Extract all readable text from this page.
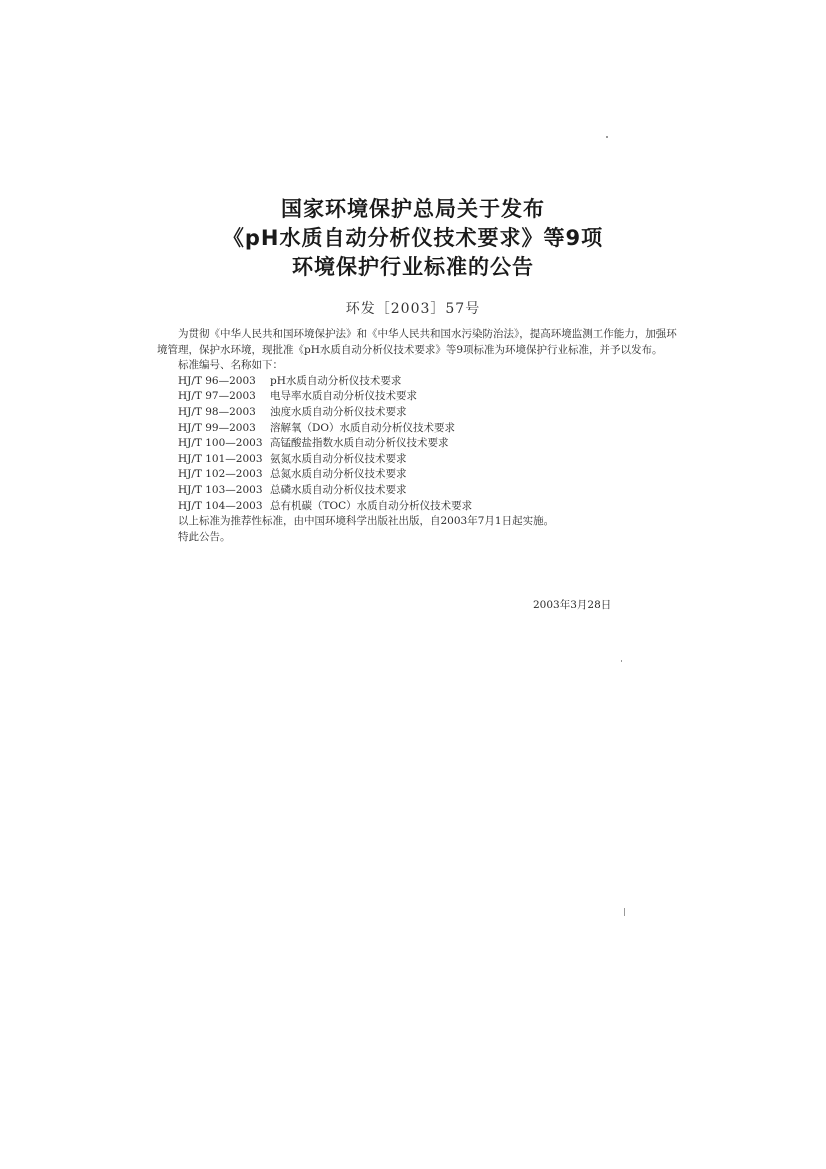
国家环境保护总局关于发布
《pH水质自动分析仪技术要求》等9项
环境保护行业标准的公告
环发［2003］57号

为贯彻《中华人民共和国环境保护法》和《中华人民共和国水污染防治法》，提高环境监测工作能力，加强环境管理，保护水环境，现批准《pH水质自动分析仪技术要求》等9项标准为环境保护行业标准，并予以发布。

标准编号、名称如下：

HJ/T 96—2003	pH水质自动分析仪技术要求
HJ/T 97—2003	电导率水质自动分析仪技术要求
HJ/T 98—2003	浊度水质自动分析仪技术要求
HJ/T 99—2003	溶解氧（DO）水质自动分析仪技术要求
HJ/T 100—2003 高锰酸盐指数水质自动分析仪技术要求
HJ/T 101—2003 氨氮水质自动分析仪技术要求
HJ/T 102—2003 总氮水质自动分析仪技术要求
HJ/T 103—2003 总磷水质自动分析仪技术要求
HJ/T 104—2003 总有机碳（TOC）水质自动分析仪技术要求

以上标准为推荐性标准，由中国环境科学出版社出版，自2003年7月1日起实施。

特此公告。

2003年3月28日
